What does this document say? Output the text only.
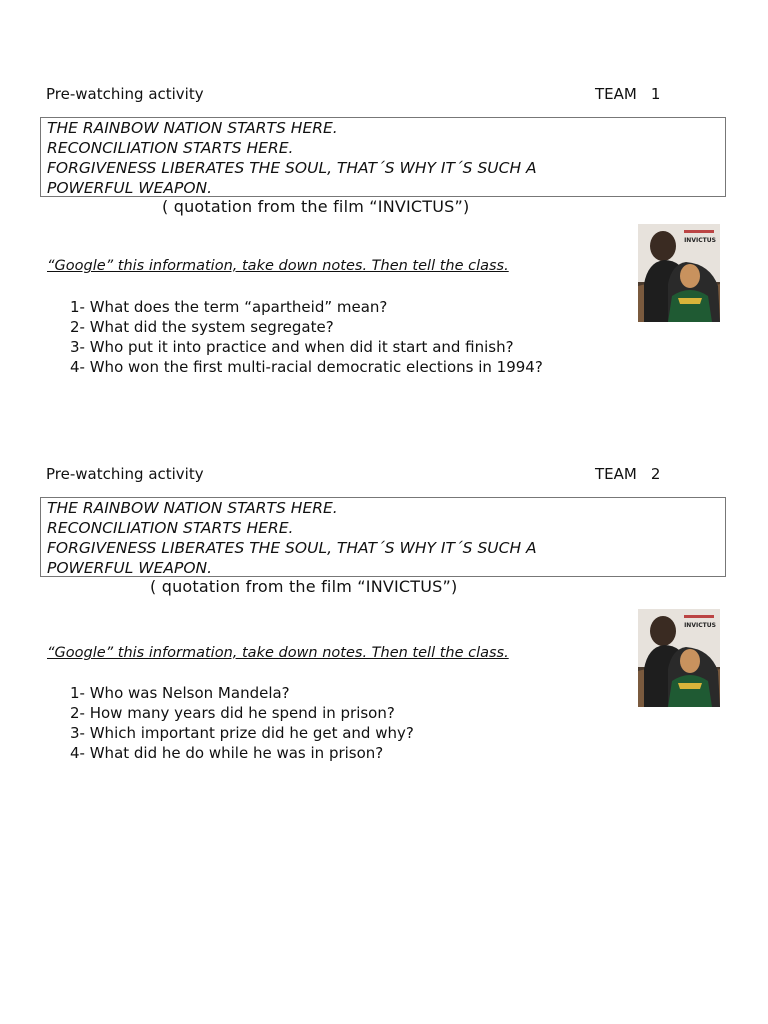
Pre-watching activity	TEAM 1
THE RAINBOW NATION STARTS HERE.
RECONCILIATION STARTS HERE.
FORGIVENESS LIBERATES THE SOUL, THAT´S WHY IT´S SUCH A
POWERFUL WEAPON.
( quotation from the film “INVICTUS”)
“Google” this information, take down notes. Then tell the class.
1- What does the term “apartheid” mean?
2- What did the system segregate?
3- Who put it into practice and when did it start and finish?
4- Who won the first multi-racial democratic elections in 1994?
INVICTUS
Pre-watching activity	TEAM 2
THE RAINBOW NATION STARTS HERE.
RECONCILIATION STARTS HERE.
FORGIVENESS LIBERATES THE SOUL, THAT´S WHY IT´S SUCH A
POWERFUL WEAPON.
( quotation from the film “INVICTUS”)
“Google” this information, take down notes. Then tell the class.
1- Who was Nelson Mandela?
2- How many years did he spend in prison?
3- Which important prize did he get and why?
4- What did he do while he was in prison?
INVICTUS
